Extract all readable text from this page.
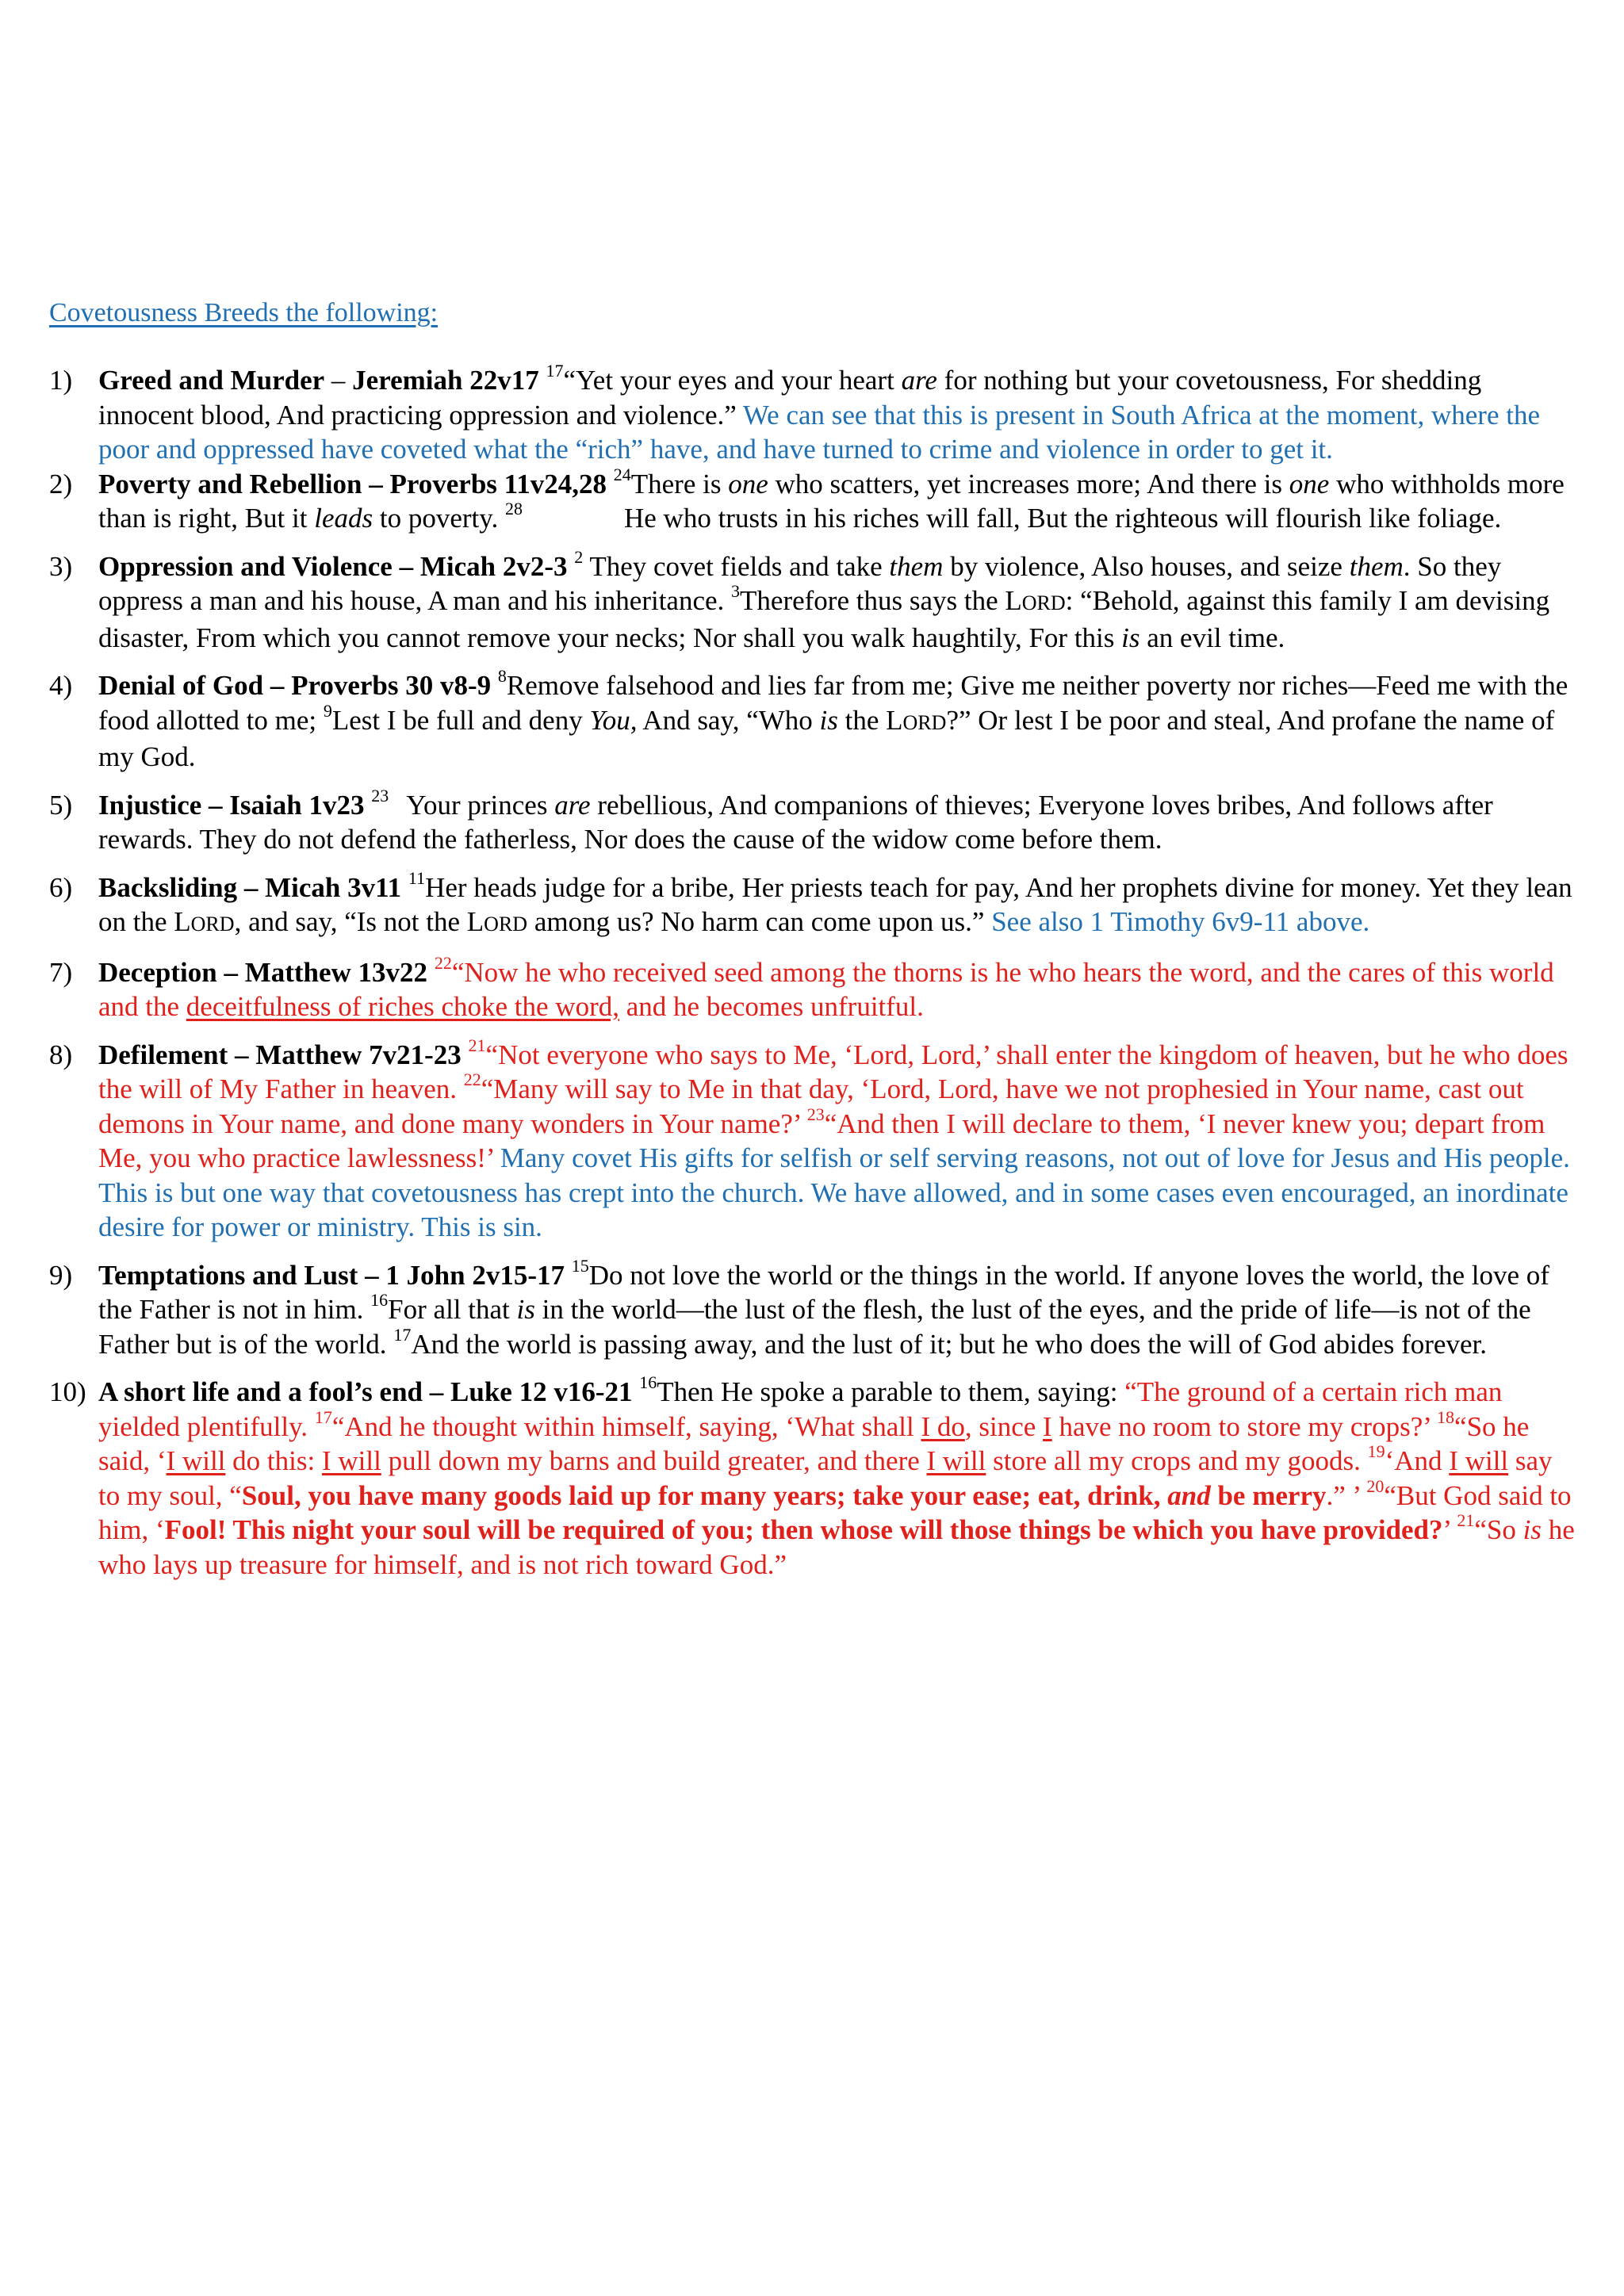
Covetousness Breeds the following:
1) Greed and Murder – Jeremiah 22v17 $^{17}$“Yet your eyes and your heart are for nothing but your covetousness, For shedding innocent blood, And practicing oppression and violence.” We can see that this is present in South Africa at the moment, where the poor and oppressed have coveted what the “rich” have, and have turned to crime and violence in order to get it.
2) Poverty and Rebellion – Proverbs 11v24,28 $^{24}$There is one who scatters, yet increases more; And there is one who withholds more than is right, But it leads to poverty. $^{28}$	He who trusts in his riches will fall, But the righteous will flourish like foliage.
3) Oppression and Violence – Micah 2v2-3 $^2$ They covet fields and take them by violence, Also houses, and seize them. So they oppress a man and his house, A man and his inheritance. $^3$Therefore thus says the LORD: “Behold, against this family I am devising disaster, From which you cannot remove your necks; Nor shall you walk haughtily, For this is an evil time.
4) Denial of God – Proverbs 30 v8-9 $^8$Remove falsehood and lies far from me; Give me neither poverty nor riches—Feed me with the food allotted to me; $^9$Lest I be full and deny You, And say, “Who is the LORD?” Or lest I be poor and steal, And profane the name of my God.
5) Injustice – Isaiah 1v23 $^{23}$ Your princes are rebellious, And companions of thieves; Everyone loves bribes, And follows after rewards. They do not defend the fatherless, Nor does the cause of the widow come before them.
6) Backsliding – Micah 3v11 $^{11}$Her heads judge for a bribe, Her priests teach for pay, And her prophets divine for money. Yet they lean on the LORD, and say, “Is not the LORD among us? No harm can come upon us.” See also 1 Timothy 6v9-11 above.
7) Deception – Matthew 13v22 $^{22}$“Now he who received seed among the thorns is he who hears the word, and the cares of this world and the deceitfulness of riches choke the word, and he becomes unfruitful.
8) Defilement – Matthew 7v21-23 $^{21}$“Not everyone who says to Me, ‘Lord, Lord,’ shall enter the kingdom of heaven, but he who does the will of My Father in heaven. $^{22}$“Many will say to Me in that day, ‘Lord, Lord, have we not prophesied in Your name, cast out demons in Your name, and done many wonders in Your name?’ $^{23}$“And then I will declare to them, ‘I never knew you; depart from Me, you who practice lawlessness!’ Many covet His gifts for selfish or self serving reasons, not out of love for Jesus and His people. This is but one way that covetousness has crept into the church. We have allowed, and in some cases even encouraged, an inordinate desire for power or ministry. This is sin.
9) Temptations and Lust – 1 John 2v15-17 $^{15}$Do not love the world or the things in the world. If anyone loves the world, the love of the Father is not in him. $^{16}$For all that is in the world—the lust of the flesh, the lust of the eyes, and the pride of life—is not of the Father but is of the world. $^{17}$And the world is passing away, and the lust of it; but he who does the will of God abides forever.
10) A short life and a fool’s end – Luke 12 v16-21 $^{16}$Then He spoke a parable to them, saying: “The ground of a certain rich man yielded plentifully. $^{17}$“And he thought within himself, saying, ‘What shall I do, since I have no room to store my crops?’ $^{18}$“So he said, ‘I will do this: I will pull down my barns and build greater, and there I will store all my crops and my goods. $^{19}$‘And I will say to my soul, “Soul, you have many goods laid up for many years; take your ease; eat, drink, and be merry.” ’ $^{20}$“But God said to him, ‘Fool! This night your soul will be required of you; then whose will those things be which you have provided?’ $^{21}$“So is he who lays up treasure for himself, and is not rich toward God.”
